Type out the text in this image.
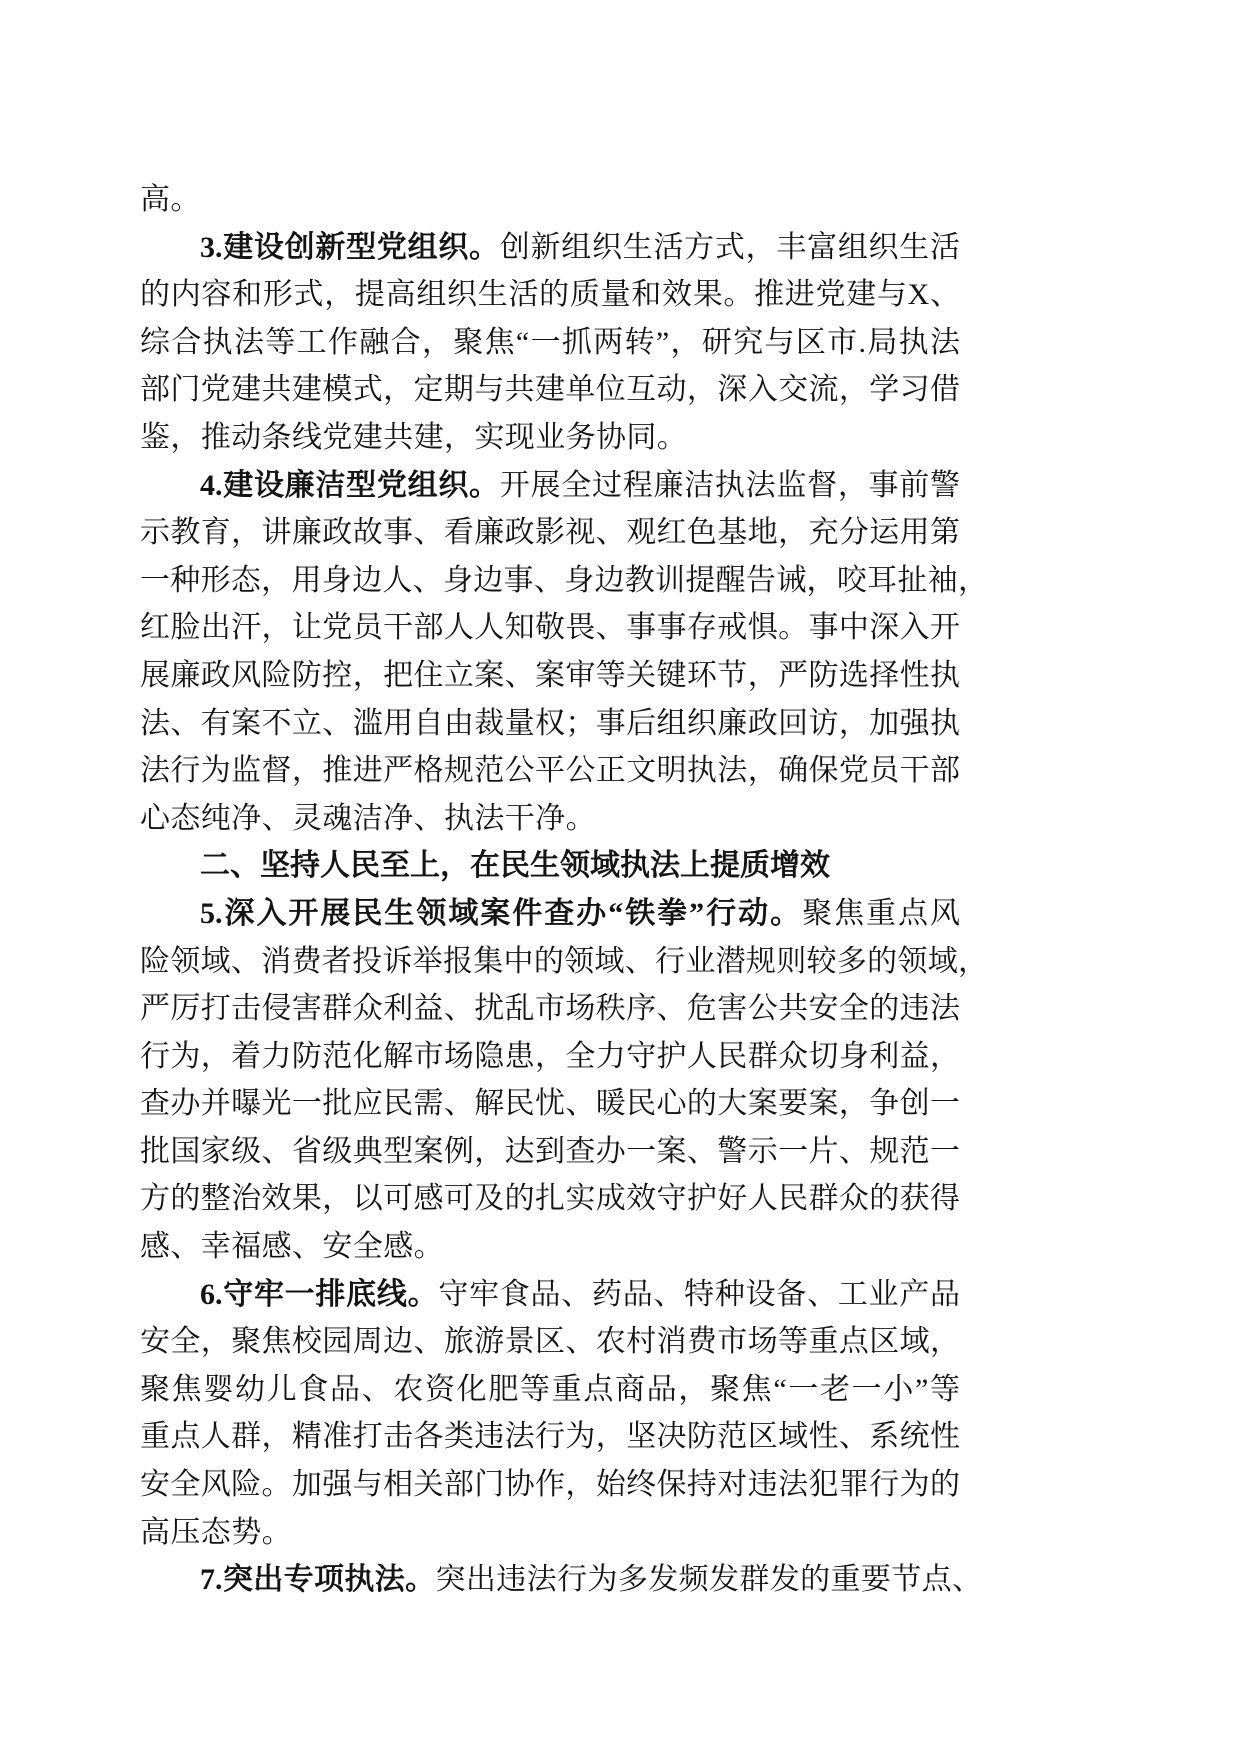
高。
3.建设创新型党组织。创新组织生活方式，丰富组织生活
的内容和形式，提高组织生活的质量和效果。推进党建与X、
综合执法等工作融合，聚焦“一抓两转”，研究与区市.局执法
部门党建共建模式，定期与共建单位互动，深入交流，学习借
鉴，推动条线党建共建，实现业务协同。
4.建设廉洁型党组织。开展全过程廉洁执法监督，事前警
示教育，讲廉政故事、看廉政影视、观红色基地，充分运用第
一种形态，用身边人、身边事、身边教训提醒告诫，咬耳扯袖，
红脸出汗，让党员干部人人知敬畏、事事存戒惧。事中深入开
展廉政风险防控，把住立案、案审等关键环节，严防选择性执
法、有案不立、滥用自由裁量权；事后组织廉政回访，加强执
法行为监督，推进严格规范公平公正文明执法，确保党员干部
心态纯净、灵魂洁净、执法干净。
二、坚持人民至上，在民生领域执法上提质增效
5.深入开展民生领域案件查办“铁拳”行动。聚焦重点风
险领域、消费者投诉举报集中的领域、行业潜规则较多的领域，
严厉打击侵害群众利益、扰乱市场秩序、危害公共安全的违法
行为，着力防范化解市场隐患，全力守护人民群众切身利益，
查办并曝光一批应民需、解民忧、暖民心的大案要案，争创一
批国家级、省级典型案例，达到查办一案、警示一片、规范一
方的整治效果，以可感可及的扎实成效守护好人民群众的获得
感、幸福感、安全感。
6.守牢一排底线。守牢食品、药品、特种设备、工业产品
安全，聚焦校园周边、旅游景区、农村消费市场等重点区域，
聚焦婴幼儿食品、农资化肥等重点商品，聚焦“一老一小”等
重点人群，精准打击各类违法行为，坚决防范区域性、系统性
安全风险。加强与相关部门协作，始终保持对违法犯罪行为的
高压态势。
7.突出专项执法。突出违法行为多发频发群发的重要节点、
